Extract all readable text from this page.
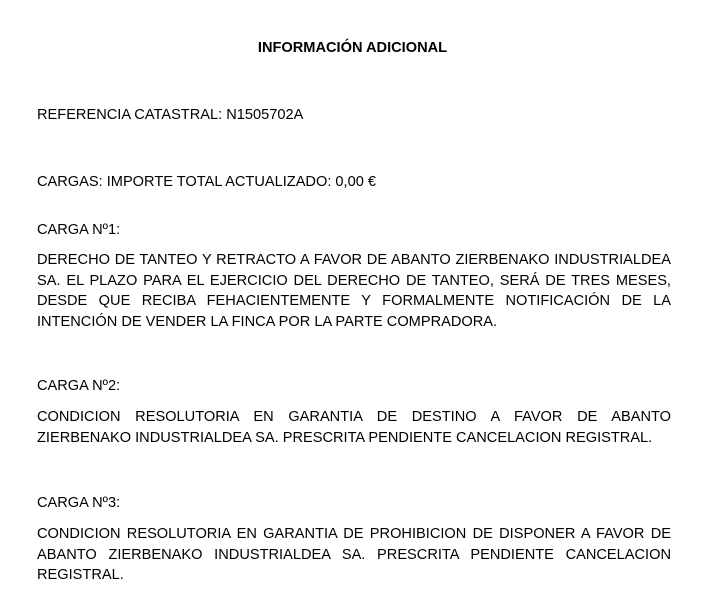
INFORMACIÓN ADICIONAL
REFERENCIA CATASTRAL: N1505702A
CARGAS: IMPORTE TOTAL ACTUALIZADO: 0,00 €
CARGA Nº1:
DERECHO DE TANTEO Y RETRACTO A FAVOR DE ABANTO ZIERBENAKO INDUSTRIALDEA SA. EL PLAZO PARA EL EJERCICIO DEL DERECHO DE TANTEO, SERÁ DE TRES MESES, DESDE QUE RECIBA FEHACIENTEMENTE Y FORMALMENTE NOTIFICACIÓN DE LA INTENCIÓN DE VENDER LA FINCA POR LA PARTE COMPRADORA.
CARGA Nº2:
CONDICION RESOLUTORIA EN GARANTIA DE DESTINO A FAVOR DE ABANTO ZIERBENAKO INDUSTRIALDEA SA. PRESCRITA PENDIENTE CANCELACION REGISTRAL.
CARGA Nº3:
CONDICION RESOLUTORIA EN GARANTIA DE PROHIBICION DE DISPONER A FAVOR DE ABANTO ZIERBENAKO INDUSTRIALDEA SA. PRESCRITA PENDIENTE CANCELACION REGISTRAL.
